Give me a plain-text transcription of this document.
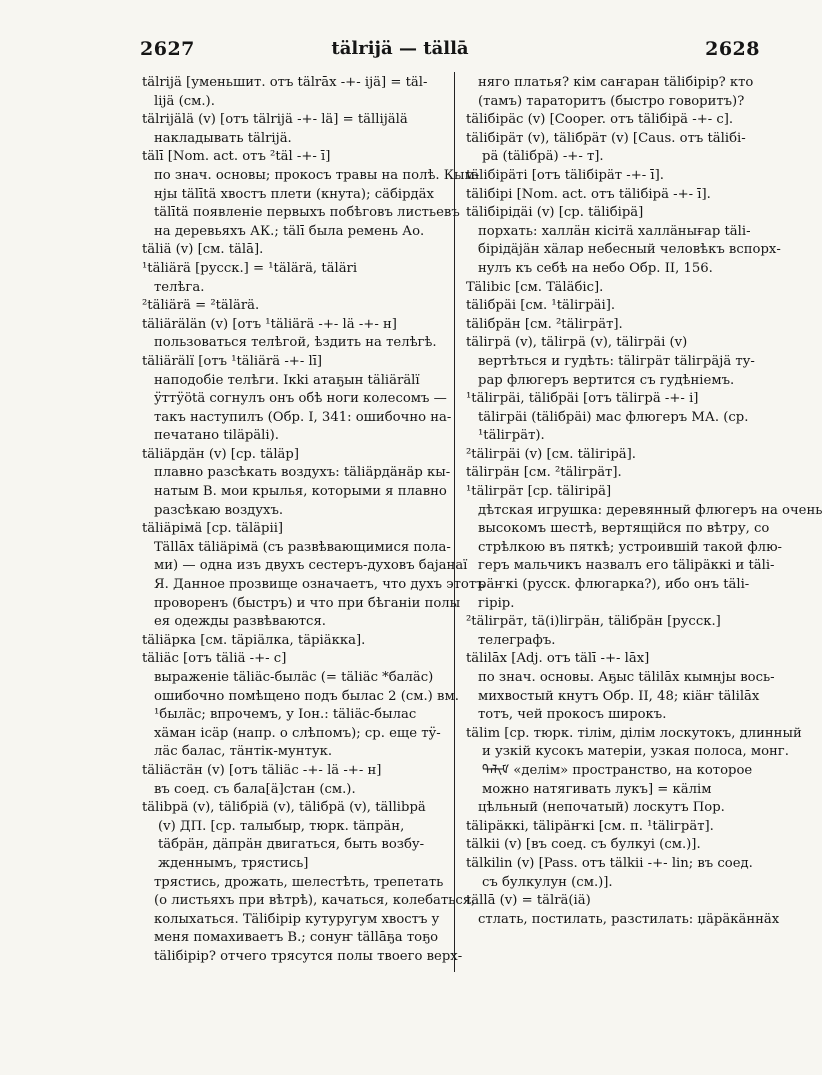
2627	tälrijä — tällā	2628
tälrijä [уменьшит. отъ tälrāx -+- ijä] = täl-
lijä (см.).
tälrijälä (v) [отъ tälrijä -+- lä] = tällijälä
накладывать tälrijä.
tälī [Nom. act. отъ ²täl -+- ī]
по знач. основы; прокосъ травы на полѣ. Кым-
нjы tälītä хвостъ плети (кнута); сäбiрдäх
tälītä появленіе первыхъ побѣговъ листьевъ
на деревьяхъ АК.; tälī была ремень Ао.
täliä (v) [см. tälā].
¹täliärä [русск.] = ¹tälärä, tälärі
телѣга.
²täliärä = ²tälärä.
täliärälän (v) [отъ ¹täliärä -+- lä -+- н]
пользоваться телѣгой, ѣздить на телѣгѣ.
täliärälï [отъ ¹täliärä -+- lī]
наподобіе телѣги. Ікkі атаҕын täliärälï
ӱттӱötä согнулъ онъ обѣ ноги колесомъ —
такъ наступилъ (Обр. I, 341: ошибочно на-
печатано tiläрäli).
täliäрдäн (v) [ср. täläр]
плавно разсѣкать воздухъ: täliäрдäнäр кы-
натым В. мои крылья, которыми я плавно
разсѣкаю воздухъ.
täliäрімä [ср. täläрii]
Tällāх täliäрімä (съ развѣвающимися пола-
ми) — одна изъ двухъ сестеръ-духовъ баjанаï
Я. Данное прозвище означаетъ, что духъ этотъ
проворенъ (быстръ) и что при бѣганіи полы
ея одежды развѣваются.
täliäрка [см. täрiäлка, täрiäкка].
täliäс [отъ täliä -+- с]
выраженіе täliäс-былäс (= täliäс *балäс)
ошибочно помѣщено подъ былас 2 (см.) вм.
¹былäс; впрочемъ, у Іон.: täliäс-былас
хäман ісäр (напр. о слѣпомъ); ср. еще тӱ-
лäс балас, тäнтiк-мунтук.
täliäстäн (v) [отъ täliäс -+- lä -+- н]
въ соед. съ бала[ä]стан (см.).
tälibрä (v), täliбріä (v), täliбрä (v), tällibрä
(v) ДП. [ср. талыбыр, тюрк. täпрäн,
täбрäн, дäпрäн двигаться, быть возбу-
жденнымъ, трястись]
трястись, дрожать, шелестѣть, трепетать
(о листьяхъ при вѣтрѣ), качаться, колебаться,
колыхаться. Täliбірір кутуругум хвостъ у
меня помахиваетъ В.; сонуҥ tällāҕа тоҕо
täliбірір? отчего трясутся полы твоего верх-
няго платья? кім саҥаран täliбірір? кто
(тамъ) тараторитъ (быстро говоритъ)?
täliбірäс (v) [Cooper. отъ täliбірä -+- с].
täliбірäт (v), täliбрäт (v) [Caus. отъ täliбі-
рä (täliбрä) -+- т].
täliбірäті [отъ täliбірäт -+- ī].
täliбірі [Nom. act. отъ täliбірä -+- ī].
täliбірідäi (v) [ср. täliбірä]
порхать: халлäн кісітä халлäнығар täli-
бірідäjäн хäлар небесный человѣкъ вспорх-
нулъ къ себѣ на небо Обр. II, 156.
Tälibіс [см. Täläбіс].
täliбрäi [см. ¹täliгрäi].
täliбрäн [см. ²täliгрäт].
täliгрä (v), täliгрä (v), täliгрäi (v)
вертѣться и гудѣть: täliгрäт täliгрäjä ту-
рар флюгеръ вертится съ гудѣніемъ.
¹täliгрäi, täliбрäi [отъ täliгрä -+- i]
täliгрäi (täliбрäi) мас флюгеръ МА. (ср.
¹täliгрäт).
²täliгрäi (v) [см. täliгірä].
täliгрäн [см. ²täliгрäт].
¹täliгрäт [ср. täliгірä]
дѣтская игрушка: деревянный флюгеръ на очень
высокомъ шестѣ, вертящійся по вѣтру, со
стрѣлкою въ пяткѣ; устроившій такой флю-
геръ мальчикъ назвалъ его täliрäккі и täli-
рäҥкі (русск. флюгарка?), ибо онъ täli-
гірір.
²täliгрäт, tä(i)liгрäн, täliбрäн [русск.]
телеграфъ.
tälilāx [Adj. отъ tälī -+- lāx]
по знач. основы. Аҕыс tälilāх кымнjы вось-
михвостый кнутъ Обр. II, 48; кіäҥ tälilāх
тотъ, чей прокосъ широкъ.
tälim [ср. тюрк. тілім, дiлім лоскутокъ, длинный
и узкій кусокъ матеріи, узкая полоса, монг.
ᠳᠡᠯᠢᠮ «делім» пространство, на которое
можно натягивать лукъ] = кäлім
цѣльный (непочатый) лоскутъ Пор.
täliрäккі, täliрäҥкі [см. п. ¹täliгрäт].
tälkii (v) [въ соед. съ булкуi (см.)].
tälkilin (v) [Pass. отъ tälkii -+- lin; въ соед.
съ булкулун (см.)].
tällā (v) = tälrä(iä)
стлать, постилать, разстилать: џäрäкäннäх
